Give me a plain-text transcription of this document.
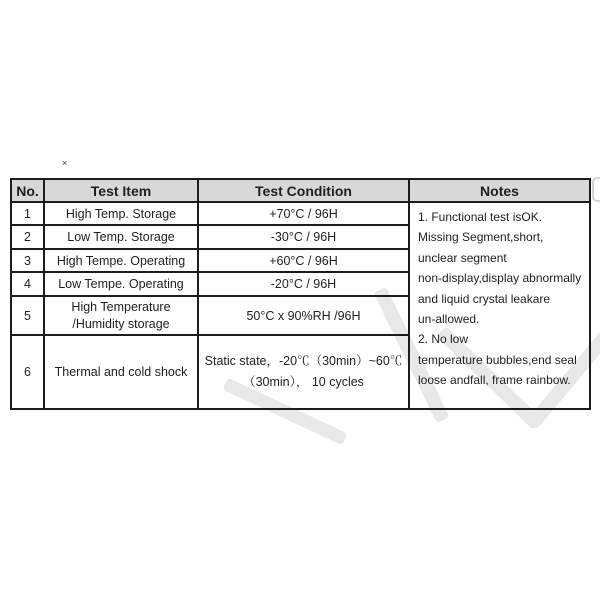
×
No.	Test Item	Test Condition	Notes
1	High Temp. Storage	+70°C / 96H	1. Functional test isOK.
Missing Segment,short,
unclear segment
non-display,display abnormally
and liquid crystal leakare
un-allowed.
2. No low
temperature bubbles,end seal
loose andfall, frame rainbow.

2	Low Temp. Storage	-30°C / 96H	
3	High Tempe. Operating	+60°C / 96H	
4	Low Tempe. Operating	-20°C / 96H	
5	High Temperature
/Humidity storage	50°C x 90%RH /96H	
6	Thermal and cold shock	Static state，-20℃（30min）~60℃
（30min）， 10 cycles	
